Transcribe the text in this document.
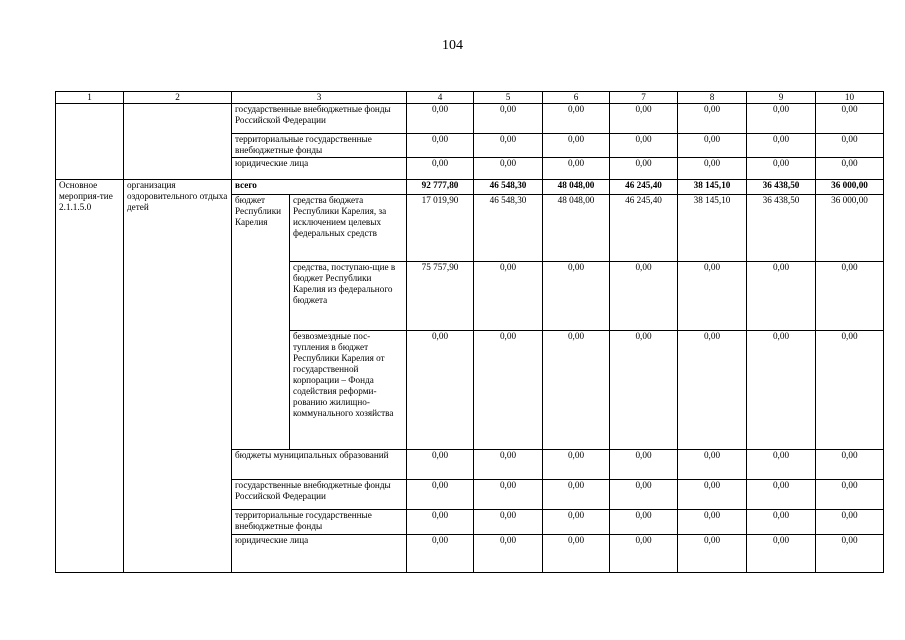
104
1	2	3		4	5	6	7	8	9	10
		государственные внебюджетные фонды Российской Федерации		0,00	0,00	0,00	0,00	0,00	0,00	0,00
		территориальные государственные внебюджетные фонды		0,00	0,00	0,00	0,00	0,00	0,00	0,00
		юридические лица		0,00	0,00	0,00	0,00	0,00	0,00	0,00
Основное мероприя-тие 2.1.1.5.0	организация оздоровительного отдыха детей	всего		92 777,80	46 548,30	48 048,00	46 245,40	38 145,10	36 438,50	36 000,00
		бюджет Республики Карелия	средства бюджета Республики Карелия, за исключением целевых федеральных средств	17 019,90	46 548,30	48 048,00	46 245,40	38 145,10	36 438,50	36 000,00
			средства, поступаю-щие в бюджет Республики Карелия из федерального бюджета	75 757,90	0,00	0,00	0,00	0,00	0,00	0,00
			безвозмездные пос-тупления в бюджет Республики Карелия от государственной корпорации – Фонда содействия реформи-рованию жилищно-коммунального хозяйства	0,00	0,00	0,00	0,00	0,00	0,00	0,00
		бюджеты муниципальных образований		0,00	0,00	0,00	0,00	0,00	0,00	0,00
		государственные внебюджетные фонды Российской Федерации		0,00	0,00	0,00	0,00	0,00	0,00	0,00
		территориальные государственные внебюджетные фонды		0,00	0,00	0,00	0,00	0,00	0,00	0,00
		юридические лица		0,00	0,00	0,00	0,00	0,00	0,00	0,00
